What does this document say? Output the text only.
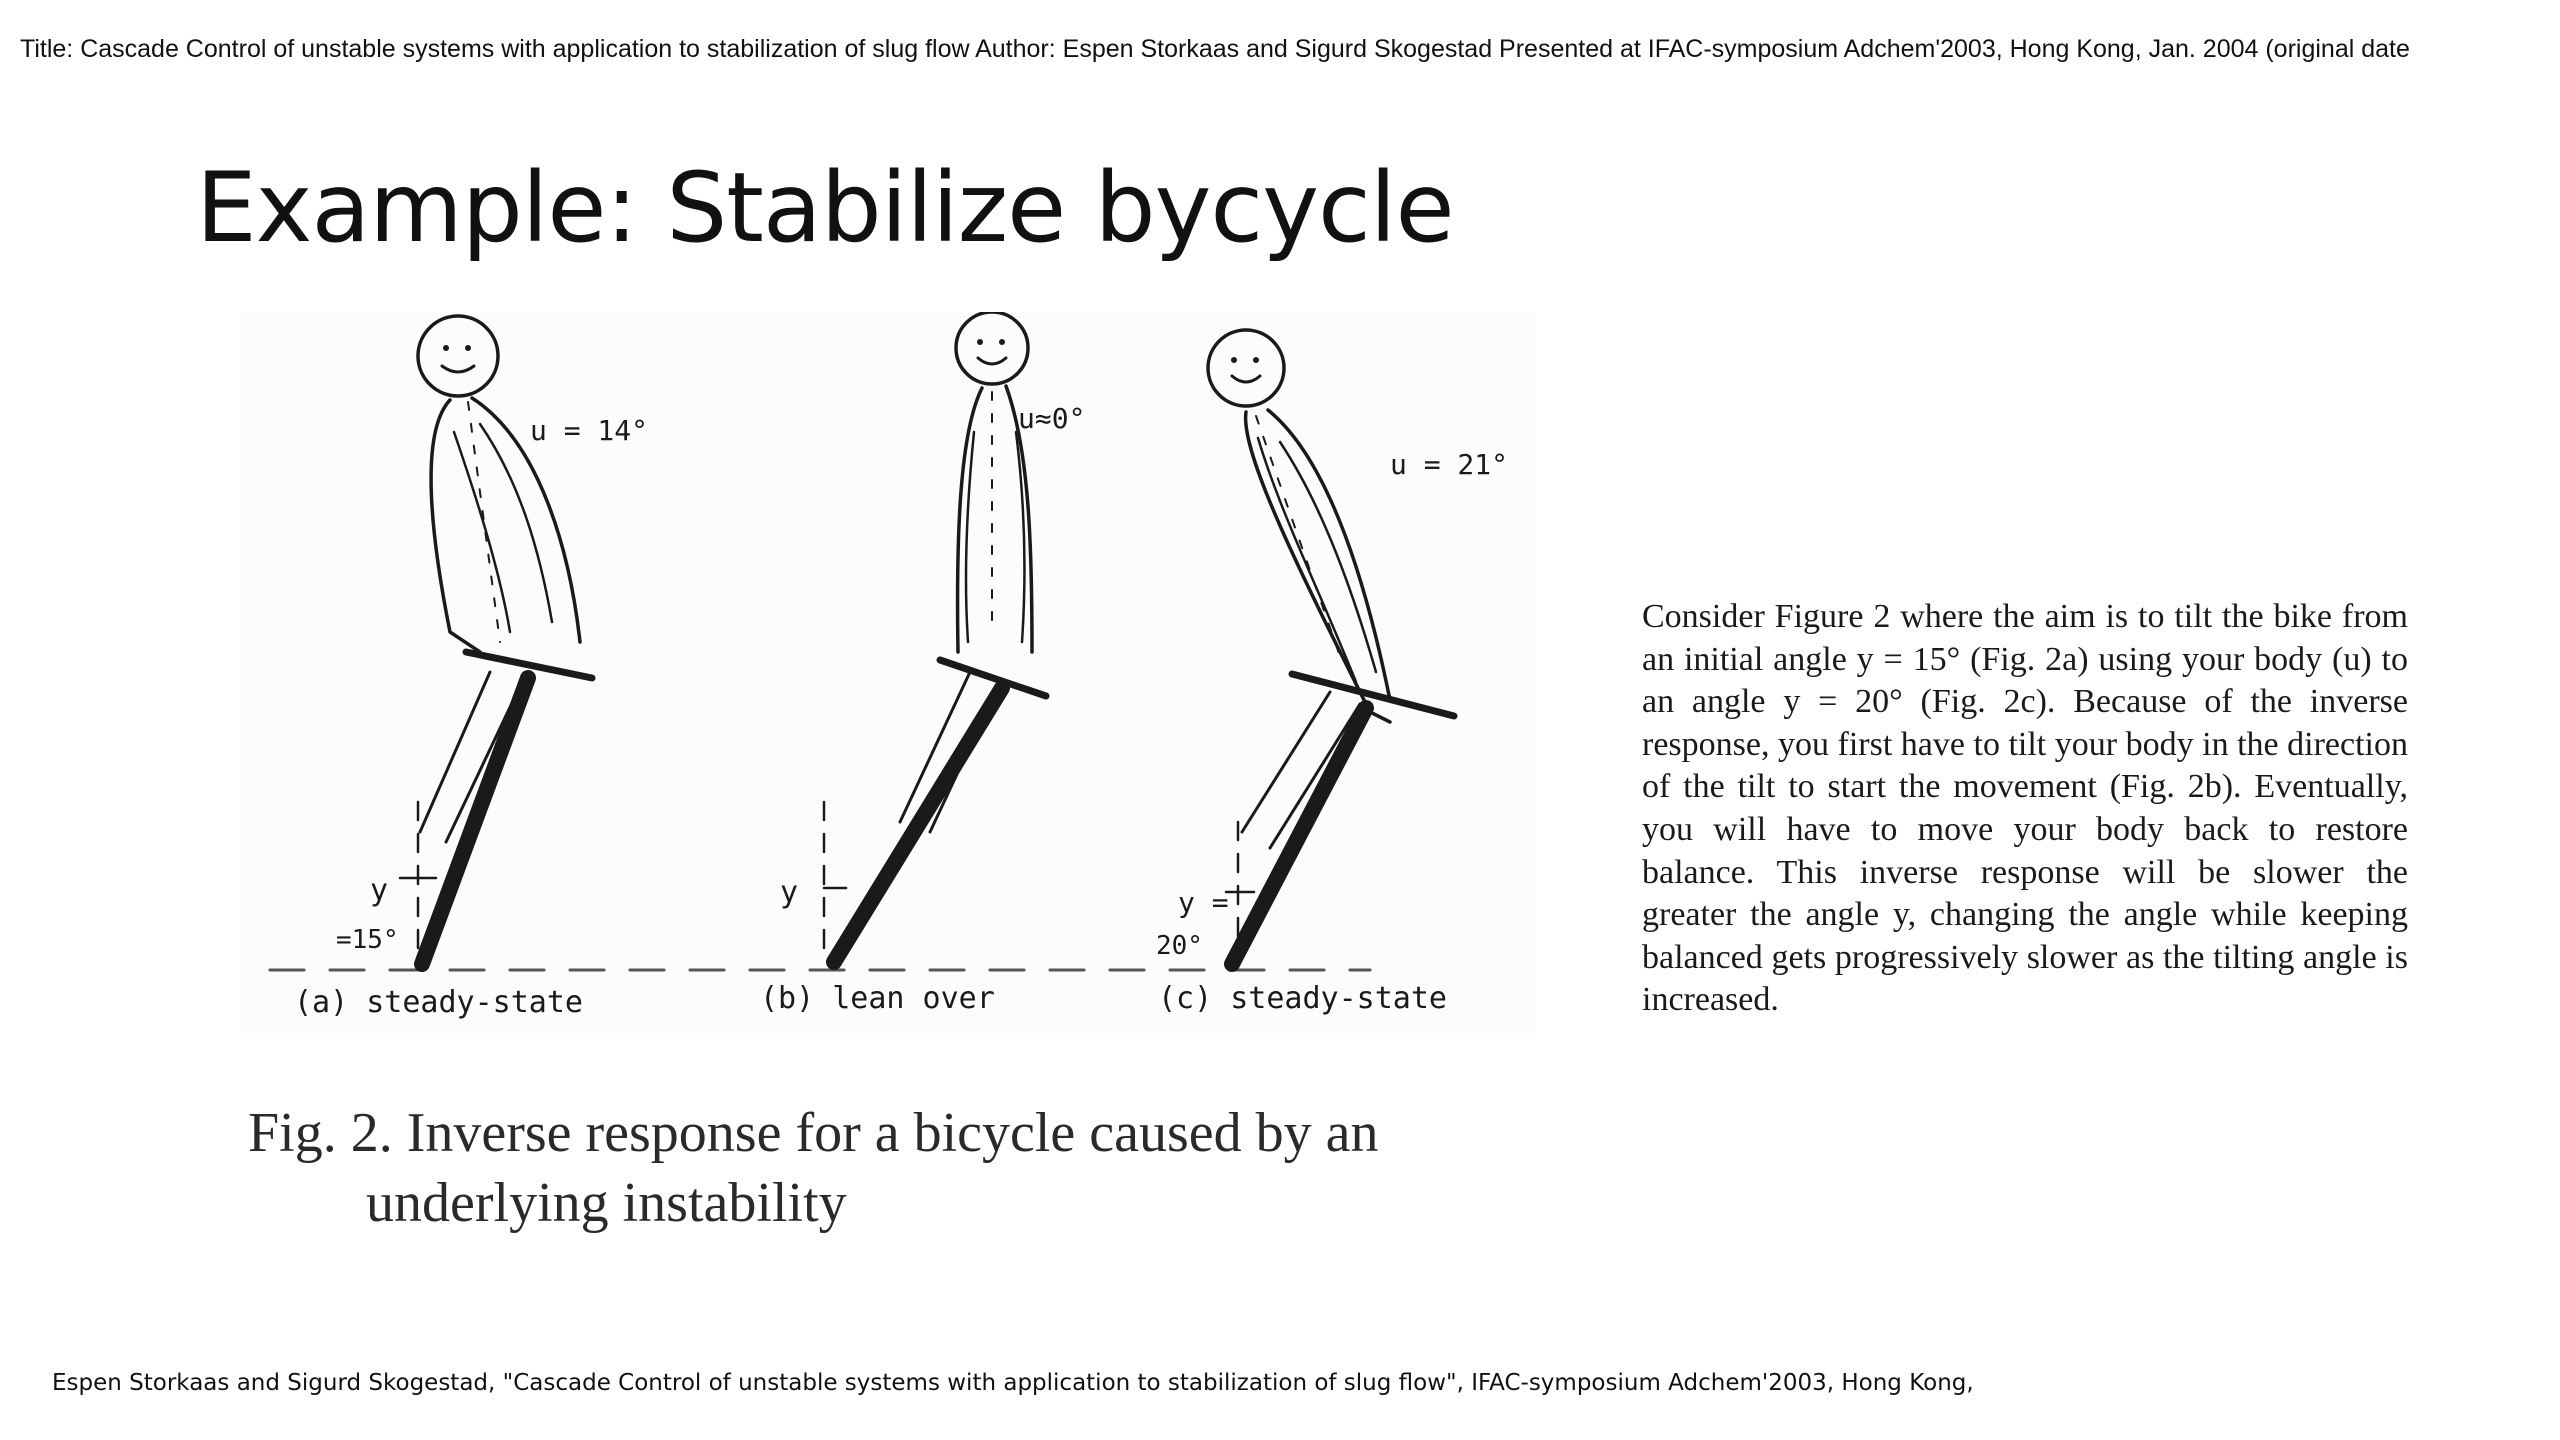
Title: Cascade Control of unstable systems with application to stabilization of slug flow Author: Espen Storkaas and Sigurd Skogestad Presented at IFAC-symposium Adchem'2003, Hong Kong, Jan. 2004 (original date
Example: Stabilize bycycle
u = 14°
y
=15°
(a) steady-state
u≈0°
y
(b) lean over
u = 21°
y =
20°
(c) steady-state

Fig. 2. Inverse response for a bicycle caused by an
underlying instability

Consider Figure 2 where the aim is to tilt the bike from an initial angle y = 15° (Fig. 2a) using your body (u) to an angle y = 20° (Fig. 2c). Because of the inverse response, you first have to tilt your body in the direction of the tilt to start the movement (Fig. 2b). Eventually, you will have to move your body back to restore balance. This inverse response will be slower the greater the angle y, changing the angle while keeping balanced gets progressively slower as the tilting angle is increased.

Espen Storkaas and Sigurd Skogestad, "Cascade Control of unstable systems with application to stabilization of slug flow", IFAC-symposium Adchem'2003, Hong Kong,
